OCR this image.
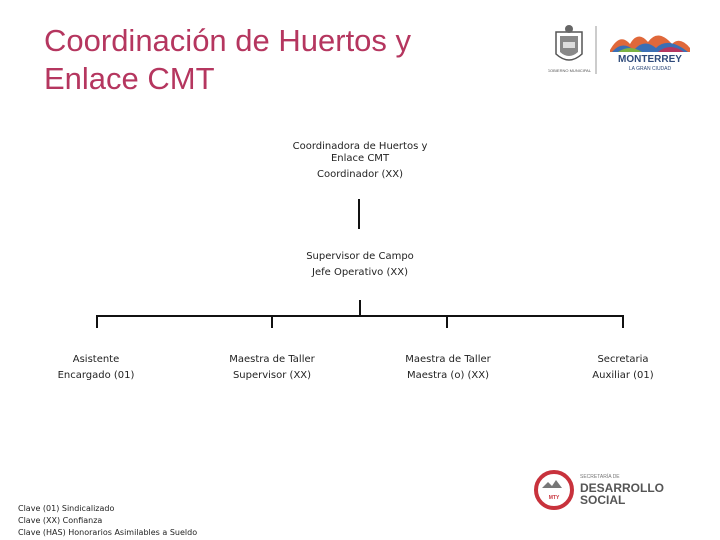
Coordinación de Huertos y
Enlace CMT	GOBIERNO MUNICIPAL
MONTERREY
LA GRAN CIUDAD
Coordinadora de Huertos y
Enlace CMT
Coordinador (XX)
Supervisor de Campo
Jefe Operativo (XX)
Asistente
Encargado (01)
Maestra de Taller
Supervisor (XX)
Maestra de Taller
Maestra (o) (XX)
Secretaria
Auxiliar (01)
MTY
SECRETARÍA DE
DESARROLLO
SOCIAL
Clave (01) Sindicalizado
Clave (XX) Confianza
Clave (HAS) Honorarios Asimilables a Sueldo
